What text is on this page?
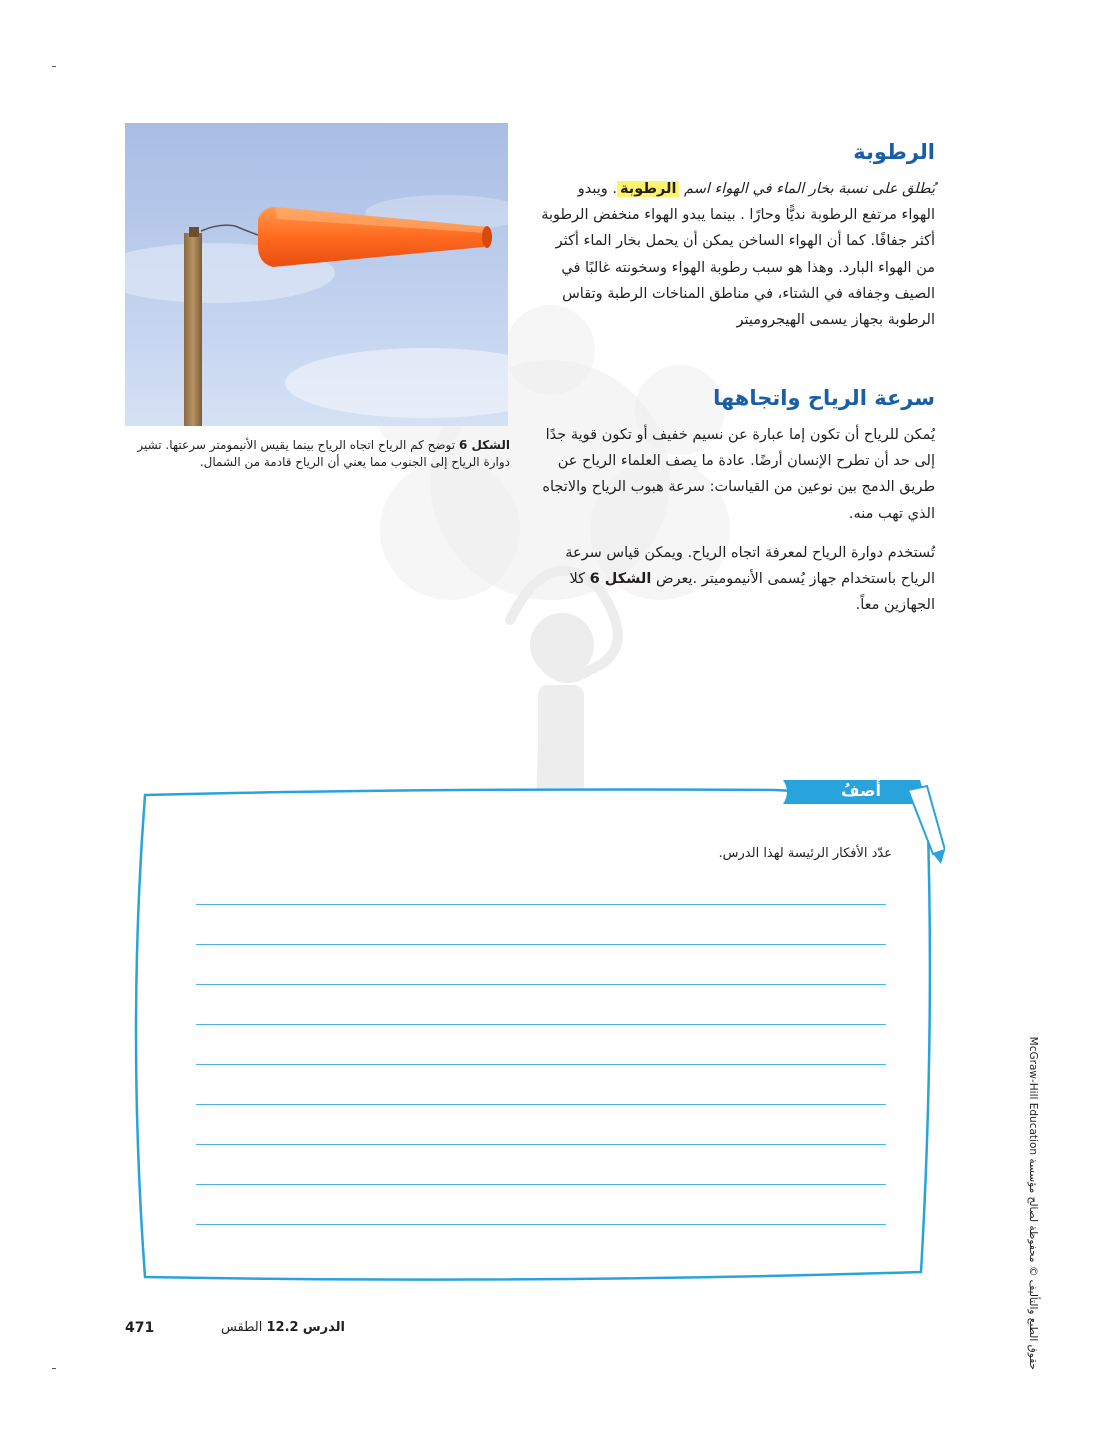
الشكل 6 توضح كم الرياح اتجاه الرياح بينما يقيس الأنيمومتر سرعتها. تشير دوارة الرياح إلى الجنوب مما يعني أن الرياح قادمة من الشمال.
الرطوبة
يُطلق على نسبة بخار الماء في الهواء اسم الرطوبة. ويبدو الهواء مرتفع الرطوبة نديًّا وحارًا . بينما يبدو الهواء منخفض الرطوبة أكثر جفافًا. كما أن الهواء الساخن يمكن أن يحمل بخار الماء أكثر من الهواء البارد. وهذا هو سبب رطوبة الهواء وسخونته غالبًا في الصيف وجفافه في الشتاء، في مناطق المناخات الرطبة وتقاس الرطوبة بجهاز يسمى الهيجروميتر
سرعة الرياح واتجاهها
يُمكن للرياح أن تكون إما عبارة عن نسيم خفيف أو تكون قوية جدًا إلى حد أن تطرح الإنسان أرضًا. عادة ما يصف العلماء الرياح عن طريق الدمج بين نوعين من القياسات: سرعة هبوب الرياح والاتجاه الذي تهب منه.
تُستخدم دوارة الرياح لمعرفة اتجاه الرياح. ويمكن قياس سرعة الرياح باستخدام جهاز يُسمى الأنيموميتر .يعرض الشكل 6 كلا الجهازين معاً.
أصفُ
عدّد الأفكار الرئيسة لهذا الدرس.
471	الدرس 12.2 الطقس
حقوق الطبع والتأليف © محفوظة لصالح مؤسسة McGraw-Hill Education
